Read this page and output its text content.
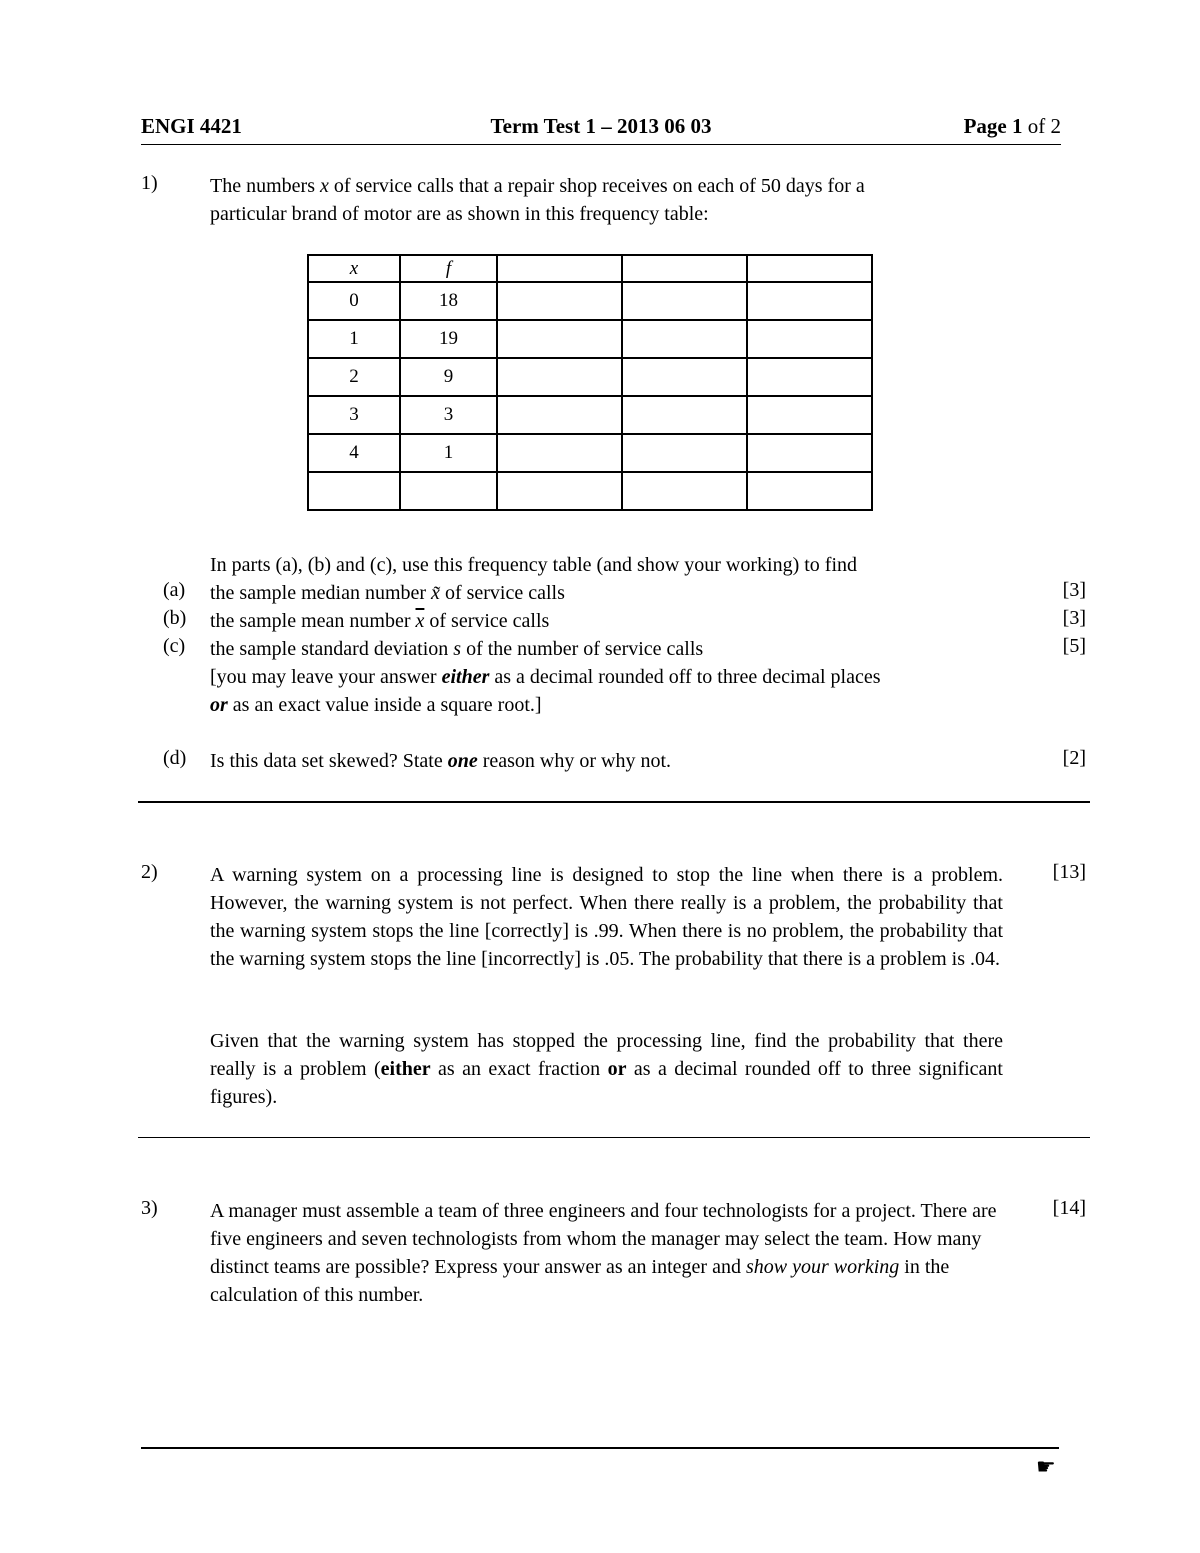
ENGI 4421	Term Test 1 – 2013 06 03	Page 1 of 2
1)	The numbers x of service calls that a repair shop receives on each of 50 days for a
particular brand of motor are as shown in this frequency table:
x	f			
0	18			
1	19			
2	9			
3	3			
4	1			

In parts (a), (b) and (c), use this frequency table (and show your working) to find
(a) the sample median number x̃ of service calls	[3]
(b) the sample mean number $\overline{x}$ of service calls	[3]
(c) the sample standard deviation s of the number of service calls
[you may leave your answer either as a decimal rounded off to three decimal places
or as an exact value inside a square root.]
[5]
(d) Is this data set skewed? State one reason why or why not.	[2]
2)	[13]
A warning system on a processing line is designed to stop the line when there is a problem. However, the warning system is not perfect. When there really is a problem, the probability that the warning system stops the line [correctly] is .99. When there is no problem, the probability that the warning system stops the line [incorrectly] is .05. The probability that there is a problem is .04.
Given that the warning system has stopped the processing line, find the probability that there really is a problem (either as an exact fraction or as a decimal rounded off to three significant figures).
3)	[14]
A manager must assemble a team of three engineers and four technologists for a project. There are five engineers and seven technologists from whom the manager may select the team. How many distinct teams are possible? Express your answer as an integer and show your working in the calculation of this number.
☛
